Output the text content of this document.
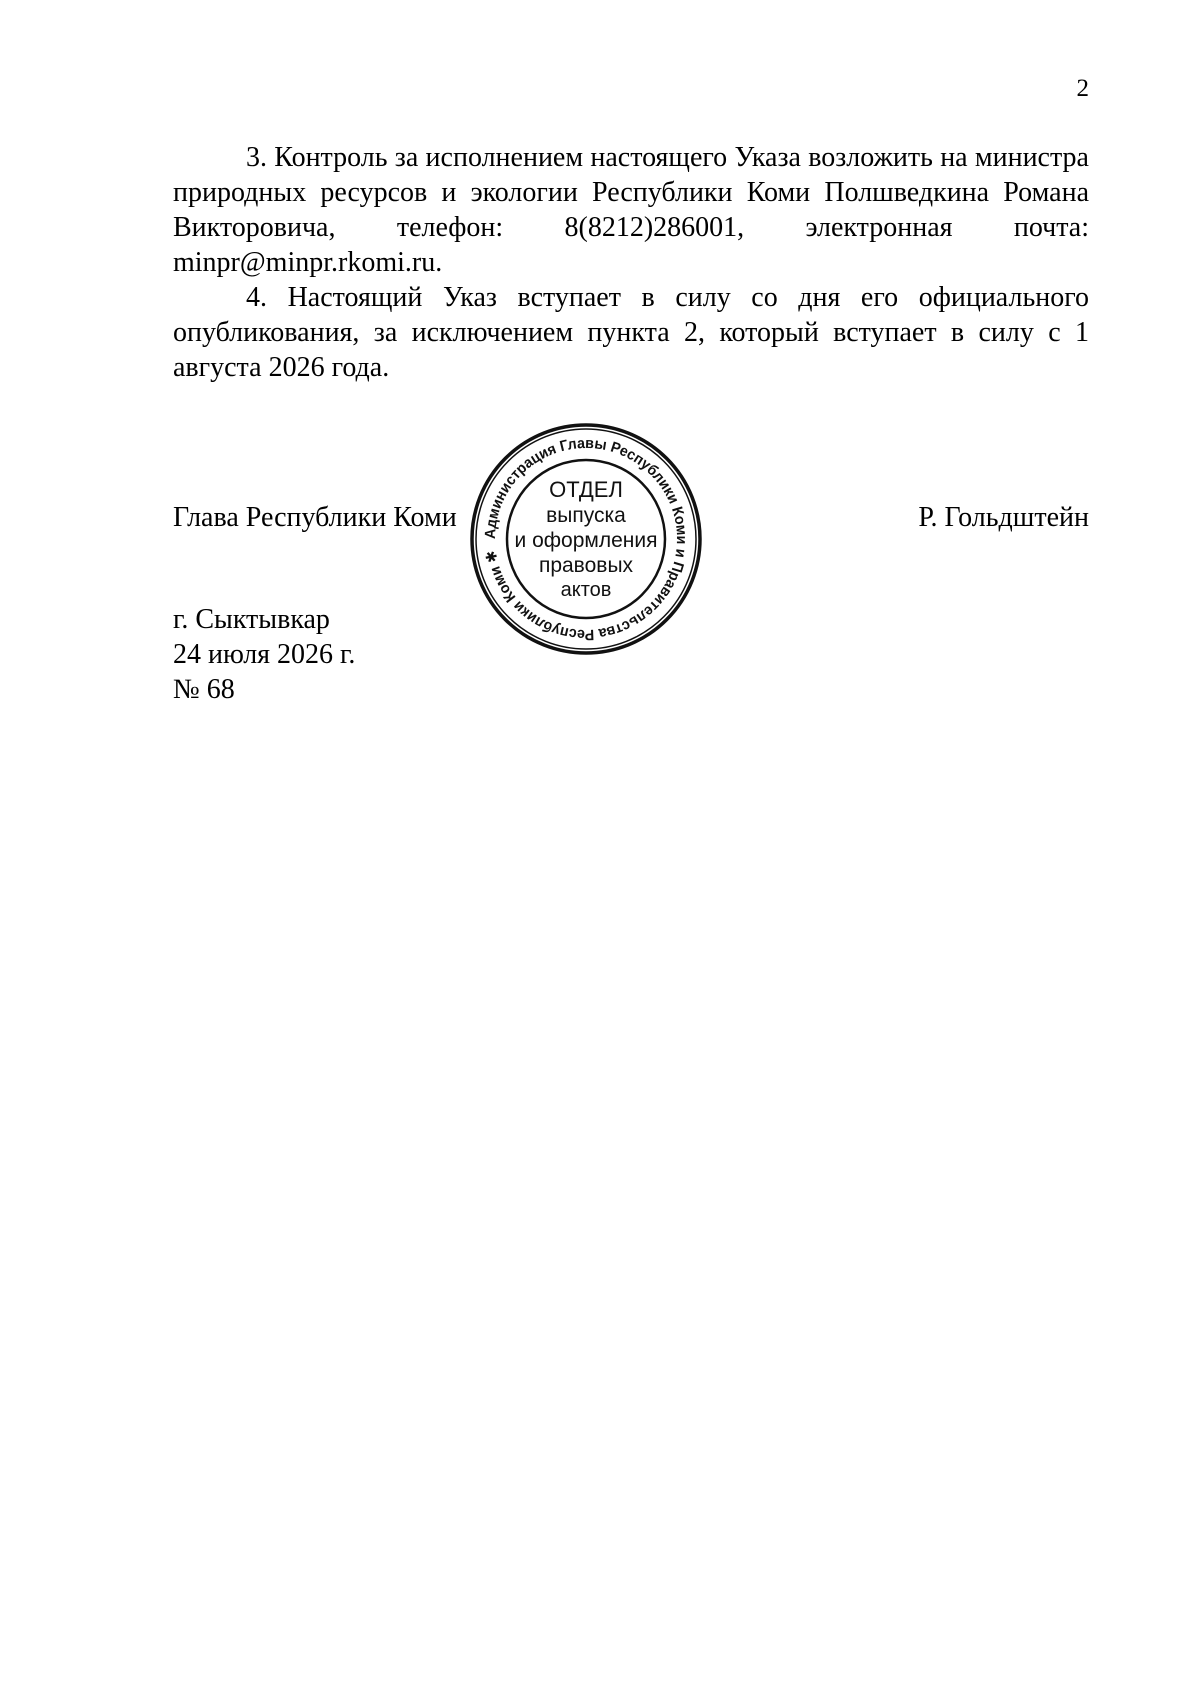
2

3. Контроль за исполнением настоящего Указа возложить на министра природных ресурсов и экологии Республики Коми Полшведкина Романа Викторовича, телефон: 8(8212)286001, электронная почта: minpr@minpr.rkomi.ru.

4. Настоящий Указ вступает в силу со дня его официального опубликования, за исключением пункта 2, который вступает в силу с 1 августа 2026 года.

Глава Республики Коми	Р. Гольдштейн
Администрация Главы Республики Коми и Правительства Республики Коми ✱
ОТДЕЛ
выпуска
и оформления
правовых
актов
г. Сыктывкар
24 июля 2026 г.
№ 68
